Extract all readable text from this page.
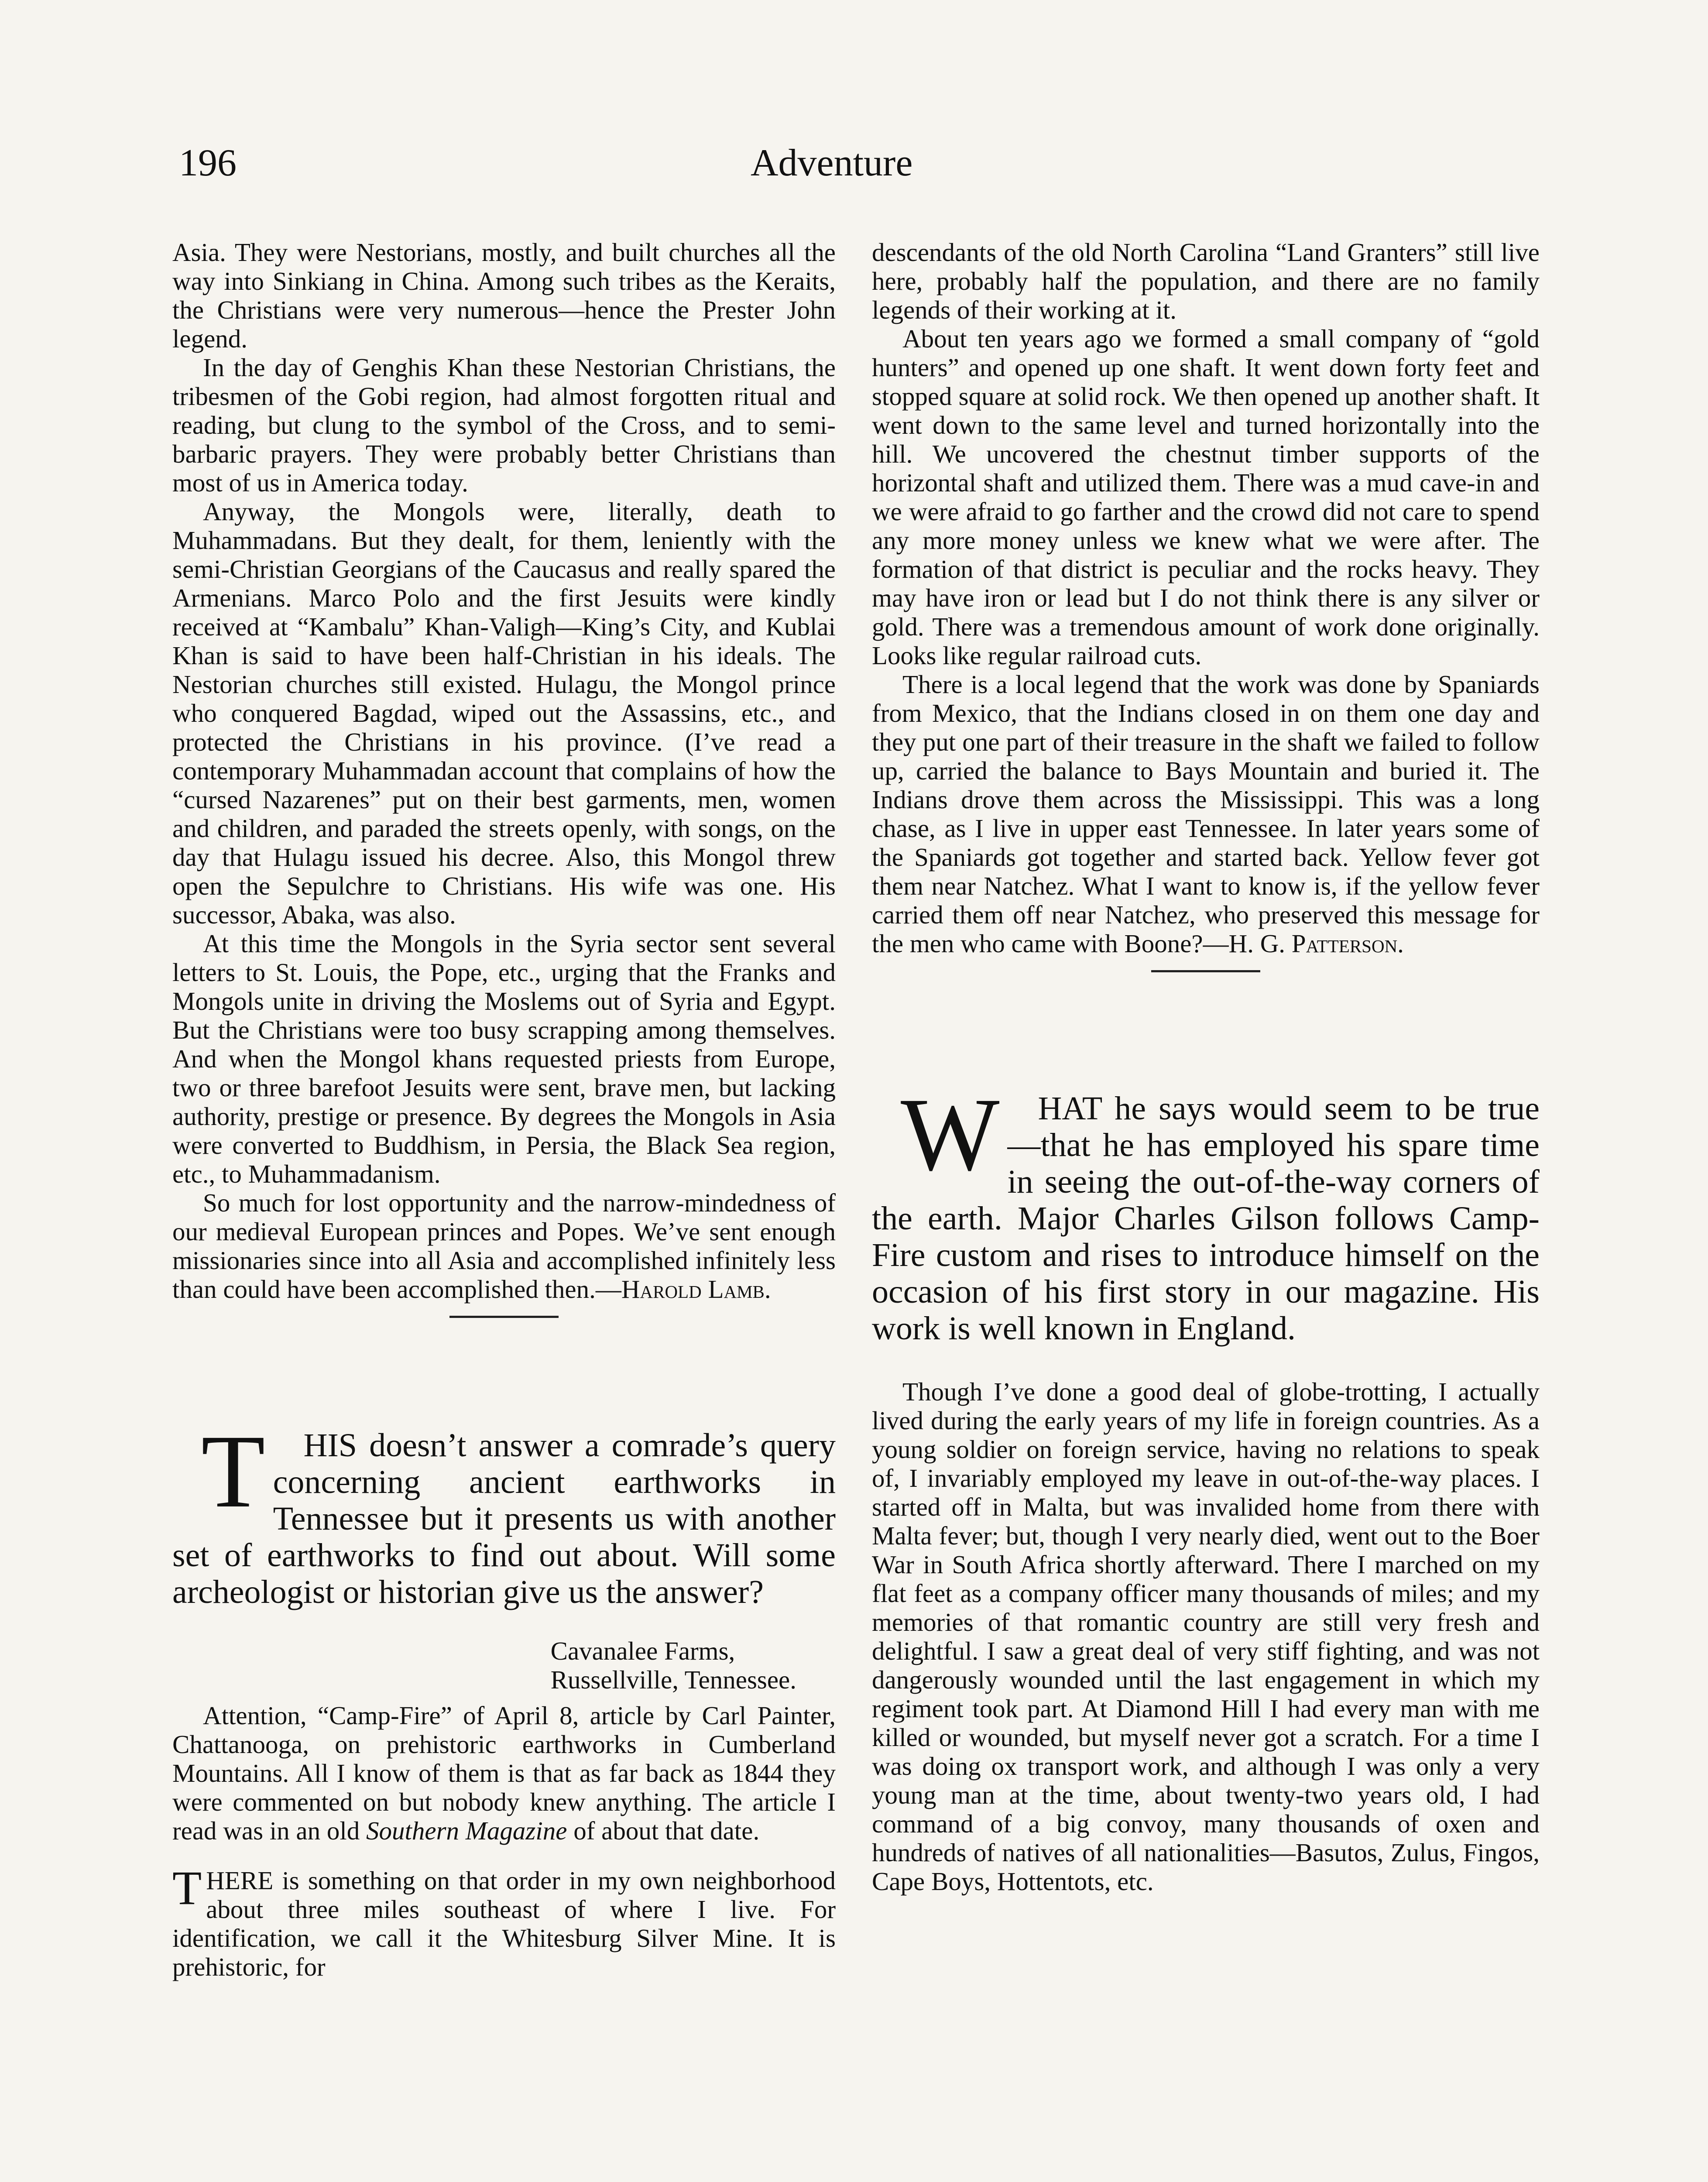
196	Adventure

Asia. They were Nestorians, mostly, and built churches all the way into Sinkiang in China. Among such tribes as the Keraits, the Christians were very numerous—hence the Prester John legend.

In the day of Genghis Khan these Nestorian Christians, the tribesmen of the Gobi region, had almost forgotten ritual and reading, but clung to the symbol of the Cross, and to semi-barbaric prayers. They were probably better Christians than most of us in America today.

Anyway, the Mongols were, literally, death to Muhammadans. But they dealt, for them, leniently with the semi-Christian Georgians of the Caucasus and really spared the Armenians. Marco Polo and the first Jesuits were kindly received at “Kambalu” Khan-Valigh—King’s City, and Kublai Khan is said to have been half-Christian in his ideals. The Nestorian churches still existed. Hulagu, the Mongol prince who conquered Bagdad, wiped out the Assassins, etc., and protected the Christians in his province. (I’ve read a contemporary Muhammadan account that complains of how the “cursed Nazarenes” put on their best garments, men, women and children, and paraded the streets openly, with songs, on the day that Hulagu issued his decree. Also, this Mongol threw open the Sepulchre to Christians. His wife was one. His successor, Abaka, was also.

At this time the Mongols in the Syria sector sent several letters to St. Louis, the Pope, etc., urging that the Franks and Mongols unite in driving the Moslems out of Syria and Egypt. But the Christians were too busy scrapping among themselves. And when the Mongol khans requested priests from Europe, two or three barefoot Jesuits were sent, brave men, but lacking authority, prestige or presence. By degrees the Mongols in Asia were converted to Buddhism, in Persia, the Black Sea region, etc., to Muhammadanism.

So much for lost opportunity and the narrow-mindedness of our medieval European princes and Popes. We’ve sent enough missionaries since into all Asia and accomplished infinitely less than could have been accomplished then.—Harold Lamb.

T HIS doesn’t answer a comrade’s query concerning ancient earthworks in Tennessee but it presents us with another set of earthworks to find out about. Will some archeologist or historian give us the answer?

Cavanalee Farms,
Russellville, Tennessee.

Attention, “Camp-Fire” of April 8, article by Carl Painter, Chattanooga, on prehistoric earthworks in Cumberland Mountains. All I know of them is that as far back as 1844 they were commented on but nobody knew anything. The article I read was in an old Southern Magazine of about that date.

THERE is something on that order in my own neighborhood about three miles southeast of where I live. For identification, we call it the Whitesburg Silver Mine. It is prehistoric, for

descendants of the old North Carolina “Land Granters” still live here, probably half the population, and there are no family legends of their working at it.

About ten years ago we formed a small company of “gold hunters” and opened up one shaft. It went down forty feet and stopped square at solid rock. We then opened up another shaft. It went down to the same level and turned horizontally into the hill. We uncovered the chestnut timber supports of the horizontal shaft and utilized them. There was a mud cave-in and we were afraid to go farther and the crowd did not care to spend any more money unless we knew what we were after. The formation of that district is peculiar and the rocks heavy. They may have iron or lead but I do not think there is any silver or gold. There was a tremendous amount of work done originally. Looks like regular railroad cuts.

There is a local legend that the work was done by Spaniards from Mexico, that the Indians closed in on them one day and they put one part of their treasure in the shaft we failed to follow up, carried the balance to Bays Mountain and buried it. The Indians drove them across the Mississippi. This was a long chase, as I live in upper east Tennessee. In later years some of the Spaniards got together and started back. Yellow fever got them near Natchez. What I want to know is, if the yellow fever carried them off near Natchez, who preserved this message for the men who came with Boone?—H. G. Patterson.

W HAT he says would seem to be true—that he has employed his spare time in seeing the out-of-the-way corners of the earth. Major Charles Gilson follows Camp-Fire custom and rises to introduce himself on the occasion of his first story in our magazine. His work is well known in England.

Though I’ve done a good deal of globe-trotting, I actually lived during the early years of my life in foreign countries. As a young soldier on foreign service, having no relations to speak of, I invariably employed my leave in out-of-the-way places. I started off in Malta, but was invalided home from there with Malta fever; but, though I very nearly died, went out to the Boer War in South Africa shortly afterward. There I marched on my flat feet as a company officer many thousands of miles; and my memories of that romantic country are still very fresh and delightful. I saw a great deal of very stiff fighting, and was not dangerously wounded until the last engagement in which my regiment took part. At Diamond Hill I had every man with me killed or wounded, but myself never got a scratch. For a time I was doing ox transport work, and although I was only a very young man at the time, about twenty-two years old, I had command of a big convoy, many thousands of oxen and hundreds of natives of all nationalities—Basutos, Zulus, Fingos, Cape Boys, Hottentots, etc.
